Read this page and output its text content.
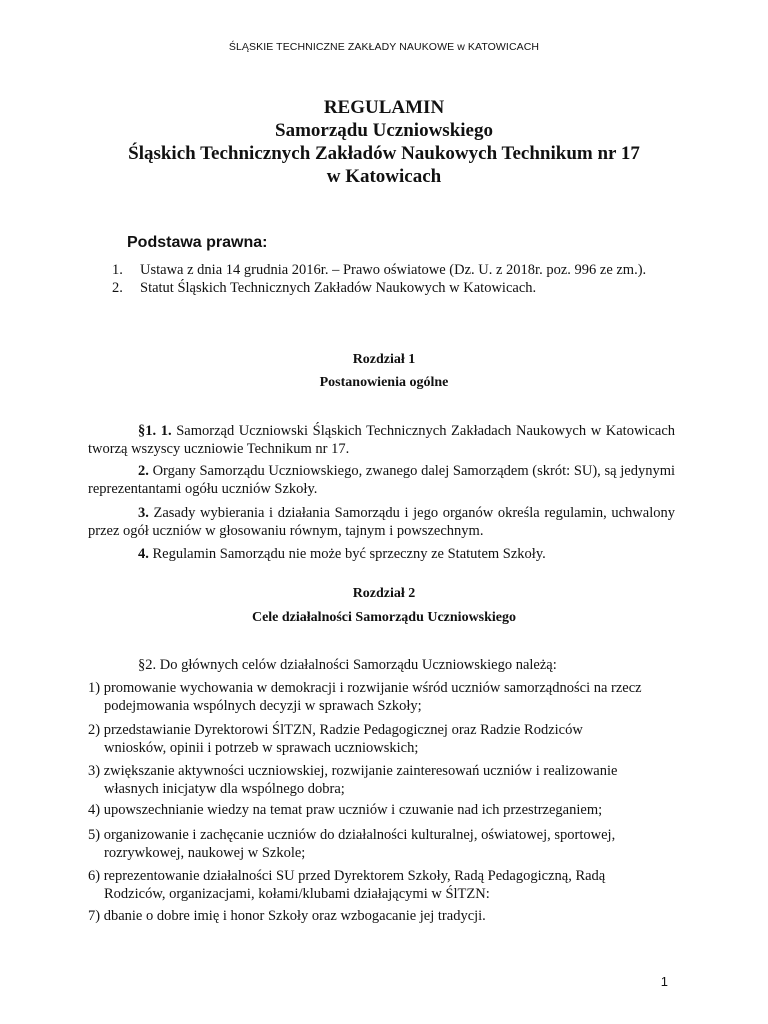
ŚLĄSKIE TECHNICZNE ZAKŁADY NAUKOWE w KATOWICACH
REGULAMIN
Samorządu Uczniowskiego
Śląskich Technicznych Zakładów Naukowych Technikum nr 17
w Katowicach
Podstawa prawna:
1. Ustawa z dnia 14 grudnia 2016r. – Prawo oświatowe (Dz. U. z 2018r. poz. 996 ze zm.).
2. Statut Śląskich Technicznych Zakładów Naukowych w Katowicach.
Rozdział 1
Postanowienia ogólne
§1. 1. Samorząd Uczniowski Śląskich Technicznych Zakładach Naukowych w Katowicach tworzą wszyscy uczniowie Technikum nr 17.
2. Organy Samorządu Uczniowskiego, zwanego dalej Samorządem (skrót: SU), są jedynymi reprezentantami ogółu uczniów Szkoły.
3. Zasady wybierania i działania Samorządu i jego organów określa regulamin, uchwalony przez ogół uczniów w głosowaniu równym, tajnym i powszechnym.
4. Regulamin Samorządu nie może być sprzeczny ze Statutem Szkoły.
Rozdział 2
Cele działalności Samorządu Uczniowskiego
§2. Do głównych celów działalności Samorządu Uczniowskiego należą:
1) promowanie wychowania w demokracji i rozwijanie wśród uczniów samorządności na rzecz
podejmowania wspólnych decyzji w sprawach Szkoły;
2) przedstawianie Dyrektorowi ŚlTZN, Radzie Pedagogicznej oraz Radzie Rodziców
wniosków, opinii i potrzeb w sprawach uczniowskich;
3) zwiększanie aktywności uczniowskiej, rozwijanie zainteresowań uczniów i realizowanie
własnych inicjatyw dla wspólnego dobra;
4) upowszechnianie wiedzy na temat praw uczniów i czuwanie nad ich przestrzeganiem;
5) organizowanie i zachęcanie uczniów do działalności kulturalnej, oświatowej, sportowej,
rozrywkowej, naukowej w Szkole;
6) reprezentowanie działalności SU przed Dyrektorem Szkoły, Radą Pedagogiczną, Radą
Rodziców, organizacjami, kołami/klubami działającymi w ŚlTZN:
7) dbanie o dobre imię i honor Szkoły oraz wzbogacanie jej tradycji.
1
